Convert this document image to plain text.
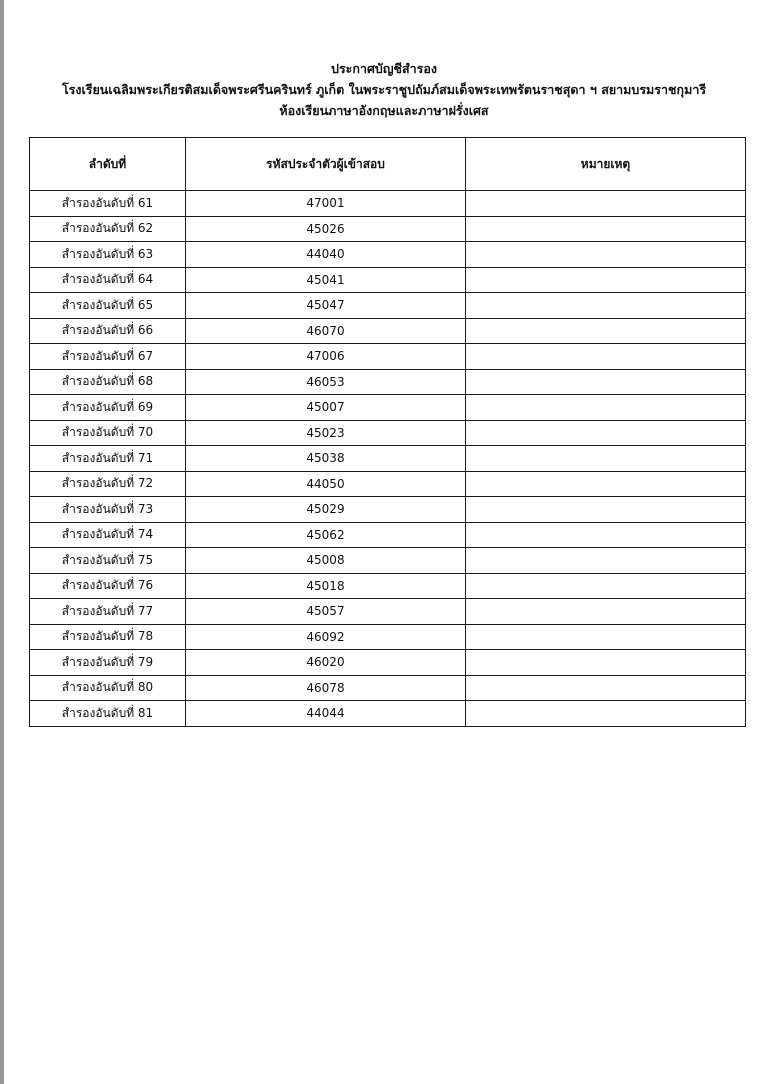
ประกาศบัญชีสำรอง
โรงเรียนเฉลิมพระเกียรติสมเด็จพระศรีนครินทร์ ภูเก็ต ในพระราชูปถัมภ์สมเด็จพระเทพรัตนราชสุดา ฯ สยามบรมราชกุมารี
ห้องเรียนภาษาอังกฤษและภาษาฝรั่งเศส
ลำดับที่	รหัสประจำตัวผู้เข้าสอบ	หมายเหตุ
สำรองอันดับที่ 61	47001	
สำรองอันดับที่ 62	45026	
สำรองอันดับที่ 63	44040	
สำรองอันดับที่ 64	45041	
สำรองอันดับที่ 65	45047	
สำรองอันดับที่ 66	46070	
สำรองอันดับที่ 67	47006	
สำรองอันดับที่ 68	46053	
สำรองอันดับที่ 69	45007	
สำรองอันดับที่ 70	45023	
สำรองอันดับที่ 71	45038	
สำรองอันดับที่ 72	44050	
สำรองอันดับที่ 73	45029	
สำรองอันดับที่ 74	45062	
สำรองอันดับที่ 75	45008	
สำรองอันดับที่ 76	45018	
สำรองอันดับที่ 77	45057	
สำรองอันดับที่ 78	46092	
สำรองอันดับที่ 79	46020	
สำรองอันดับที่ 80	46078	
สำรองอันดับที่ 81	44044	
